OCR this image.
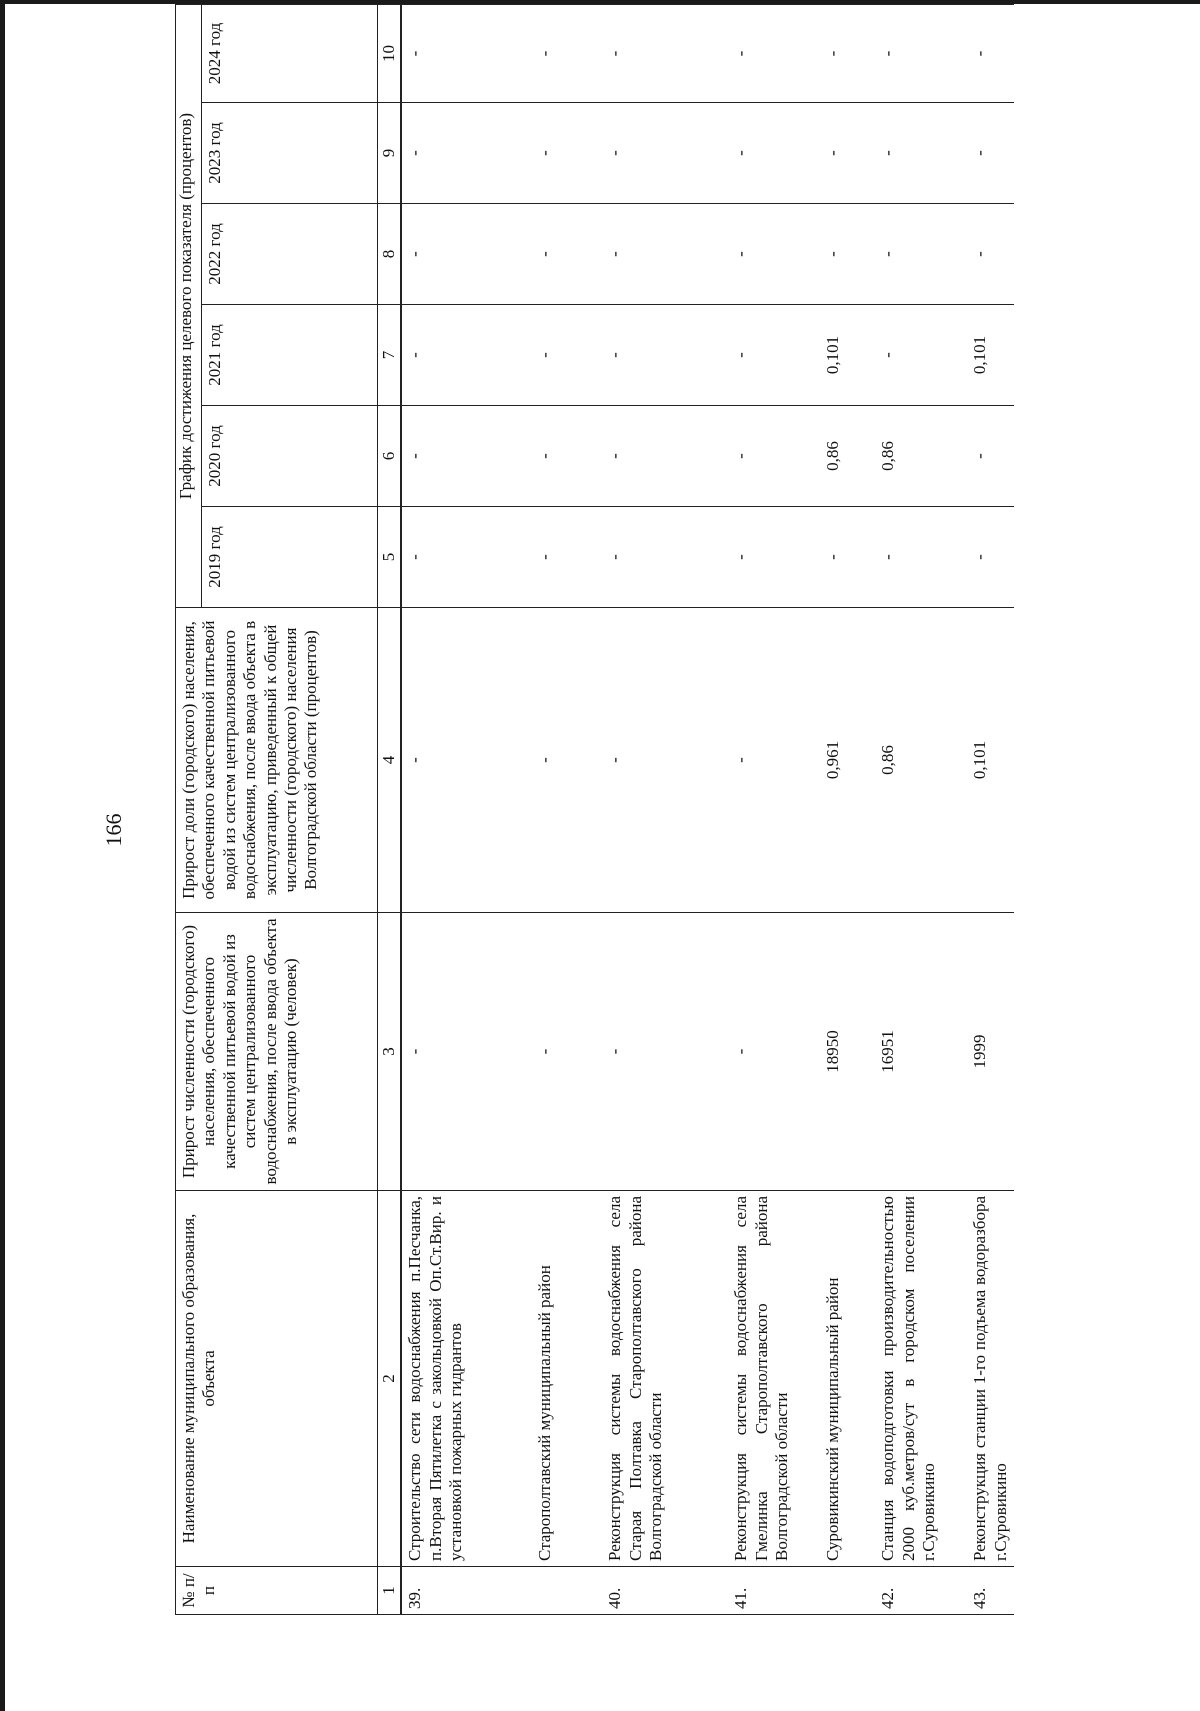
166
№ п/п	Наименование муниципального образования, объекта	Прирост численности (городского) населения, обеспеченного качественной питьевой водой из систем централизованного водоснабжения, после ввода объекта в эксплуатацию (человек)	Прирост доли (городского) населения, обеспеченного качественной питьевой водой из систем централизованного водоснабжения, после ввода объекта в эксплуатацию, приведенный к общей численности (городского) населения Волгоградской области (процентов)	График достижения целевого показателя (процентов)					
				2019 год	2020 год	2021 год	2022 год	2023 год	2024 год
1	2	3	4	5	6	7	8	9	10
39.	Строительство сети водоснабжения п.Песчанка, п.Вторая Пятилетка с закольцовкой Оп.Ст.Вир. и установкой пожарных гидрантов	-	-	-	-	-	-	-	-
	Старополтавский муниципальный район	-	-	-	-	-	-	-	-
40.	Реконструкция системы водоснабжения села Старая Полтавка Старополтавского района Волгоградской области	-	-	-	-	-	-	-	-
41.	Реконструкция системы водоснабжения села Гмелинка Старополтавского района Волгоградской области	-	-	-	-	-	-	-	-
	Суровикинский муниципальный район	18950	0,961	-	0,86	0,101	-	-	-
42.	Станция водоподготовки производительностью 2000 куб.метров/сут в городском поселении г.Суровикино	16951	0,86	-	0,86	-	-	-	-
43.	Реконструкция станции 1-го подъема водоразбора г.Суровикино	1999	0,101	-	-	0,101	-	-	-
